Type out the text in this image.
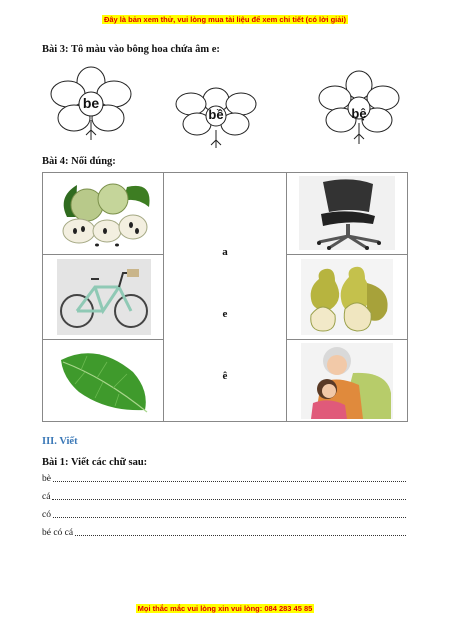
Đây là bản xem thử, vui lòng mua tài liệu để xem chi tiết (có lời giải)
Bài 3: Tô màu vào bông hoa chứa âm e:
be
bề	bệ
Bài 4: Nối đúng:

a
e
ê

III. Viết
Bài 1: Viết các chữ sau:
bè
cá
có
bé có cá
Mọi thắc mắc vui lòng xin vui lòng: 084 283 45 85
